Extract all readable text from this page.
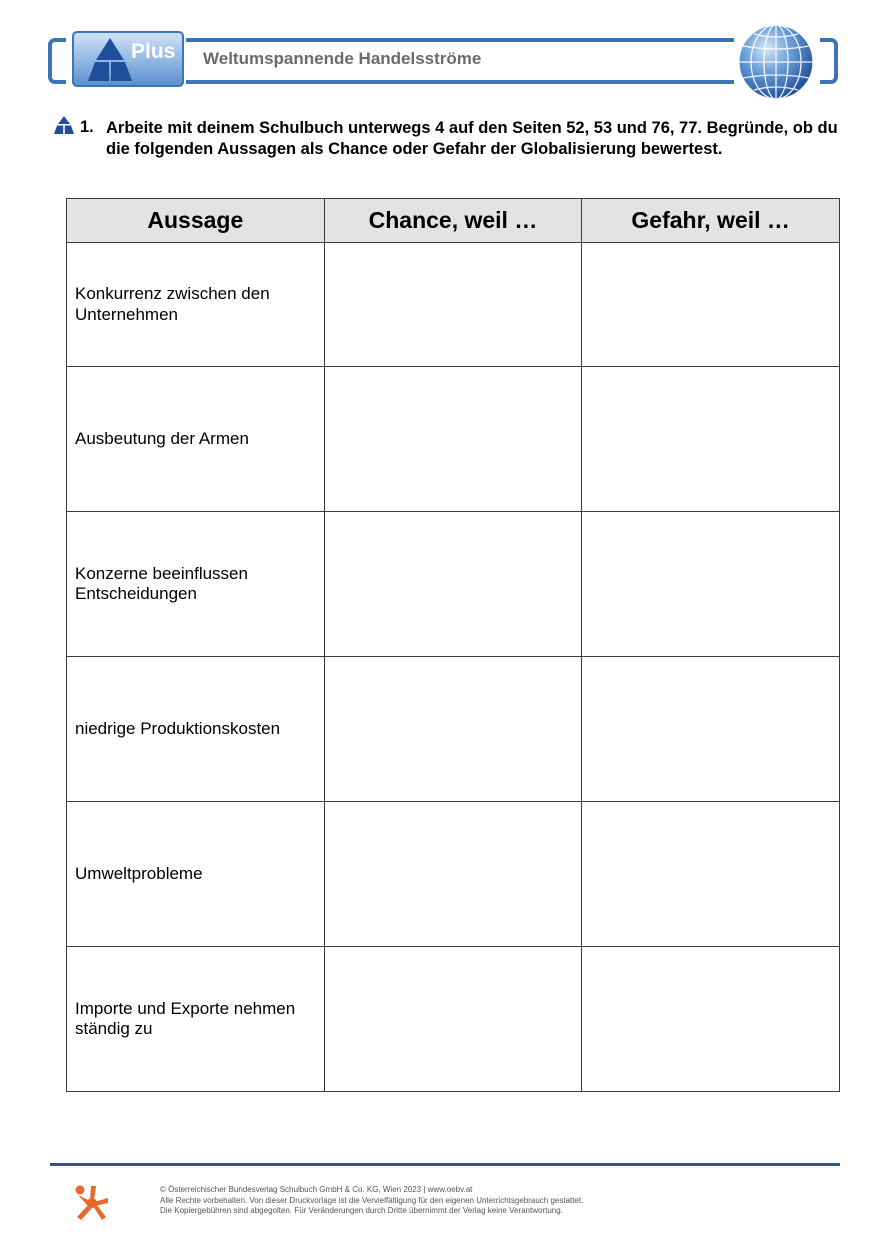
Plus Weltumspannende Handelsströme
1. Arbeite mit deinem Schulbuch unterwegs 4 auf den Seiten 52, 53 und 76, 77. Begründe, ob du die folgenden Aussagen als Chance oder Gefahr der Globalisierung bewertest.

Aussage	Chance, weil …	Gefahr, weil …
Konkurrenz zwischen den Unternehmen		
Ausbeutung der Armen		
Konzerne beeinflussen Entscheidungen		
niedrige Produktionskosten		
Umweltprobleme		
Importe und Exporte nehmen ständig zu		
© Österreichischer Bundesverlag Schulbuch GmbH & Co. KG, Wien 2023 | www.oebv.at
Alle Rechte vorbehalten. Von dieser Druckvorlage ist die Vervielfältigung für den eigenen Unterrichtsgebrauch gestattet.
Die Kopiergebühren sind abgegolten. Für Veränderungen durch Dritte übernimmt der Verlag keine Verantwortung.
